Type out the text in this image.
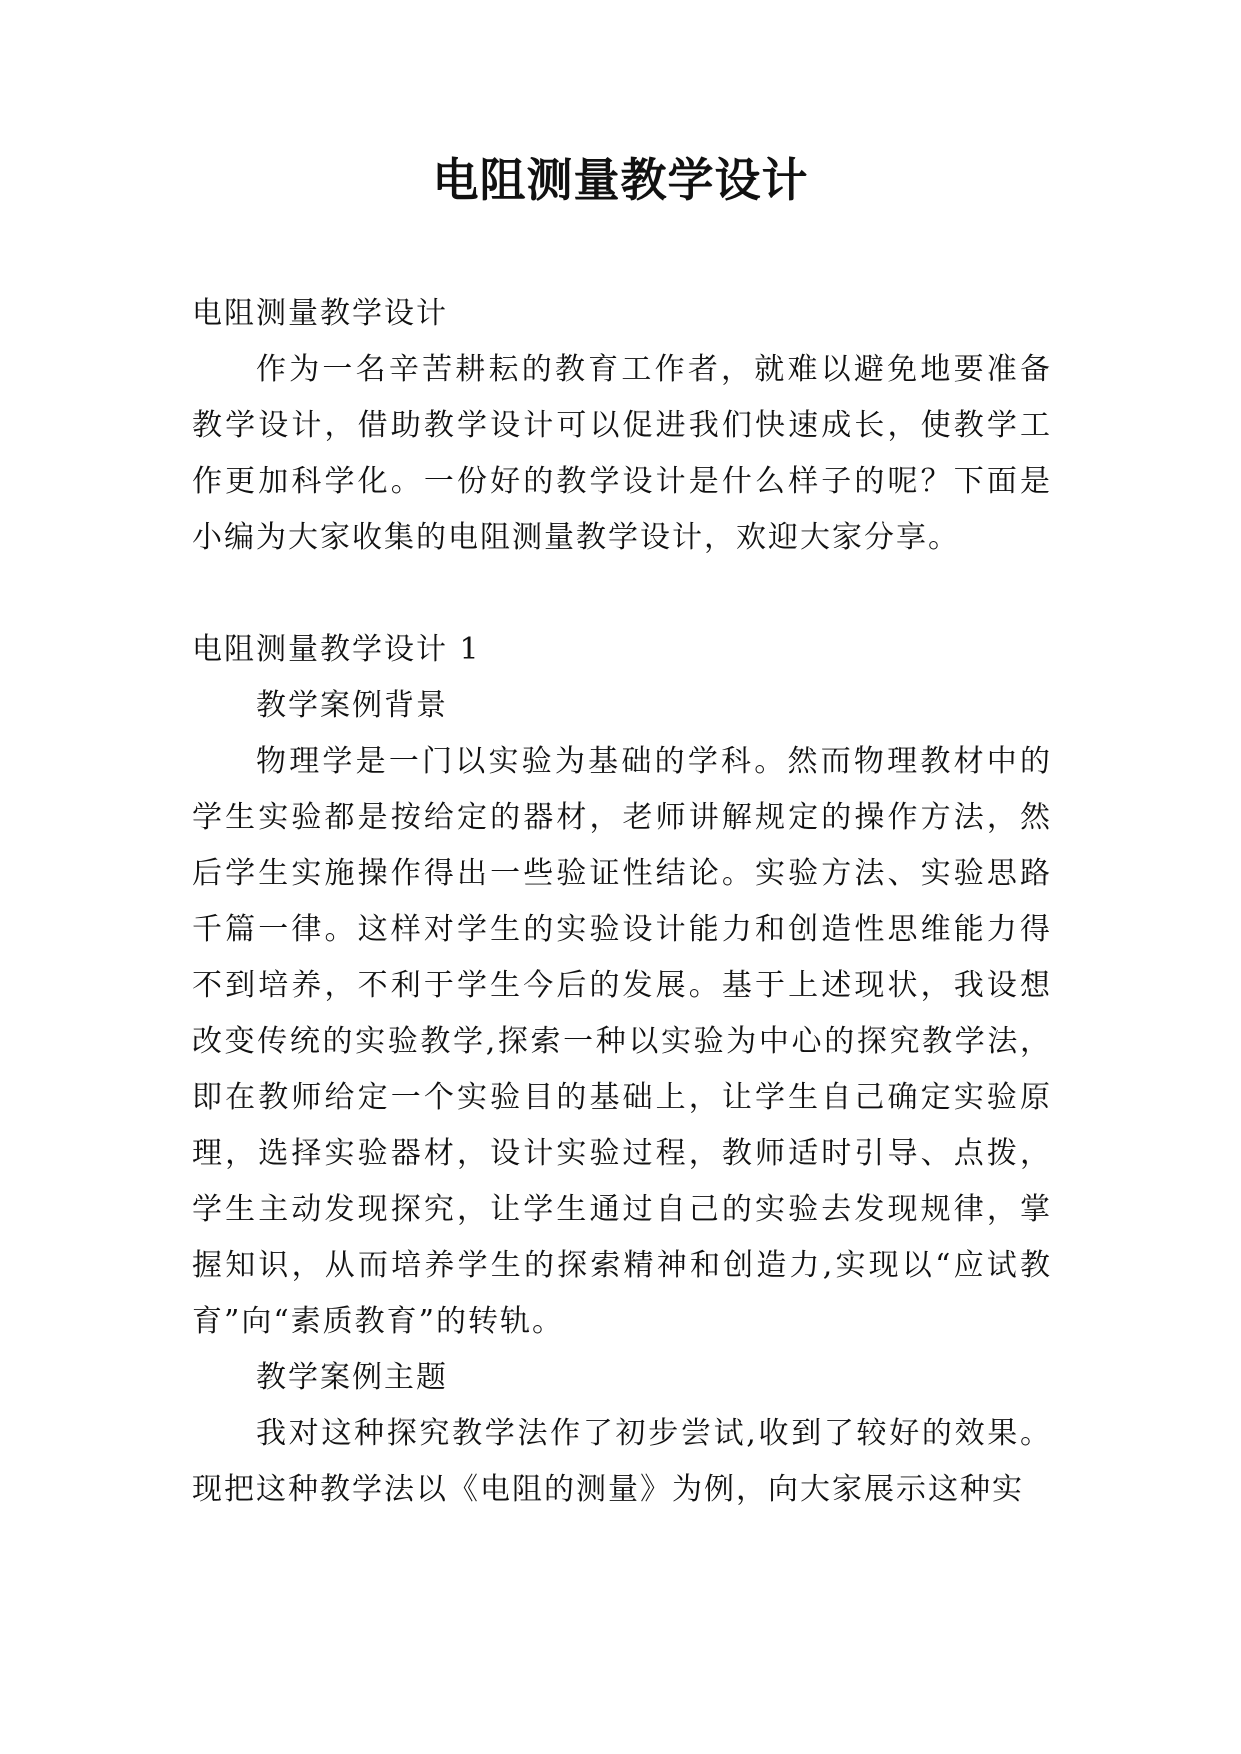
电阻测量教学设计

电阻测量教学设计

作为一名辛苦耕耘的教育工作者，就难以避免地要准备教学设计，借助教学设计可以促进我们快速成长，使教学工作更加科学化。一份好的教学设计是什么样子的呢？下面是小编为大家收集的电阻测量教学设计，欢迎大家分享。

电阻测量教学设计 1

教学案例背景

物理学是一门以实验为基础的学科。然而物理教材中的学生实验都是按给定的器材，老师讲解规定的操作方法，然后学生实施操作得出一些验证性结论。实验方法、实验思路千篇一律。这样对学生的实验设计能力和创造性思维能力得不到培养，不利于学生今后的发展。基于上述现状，我设想改变传统的实验教学,探索一种以实验为中心的探究教学法，即在教师给定一个实验目的基础上，让学生自己确定实验原理，选择实验器材，设计实验过程，教师适时引导、点拨，学生主动发现探究，让学生通过自己的实验去发现规律，掌握知识，从而培养学生的探索精神和创造力,实现以“应试教育”向“素质教育”的转轨。

教学案例主题

我对这种探究教学法作了初步尝试,收到了较好的效果。现把这种教学法以《电阻的测量》为例，向大家展示这种实
